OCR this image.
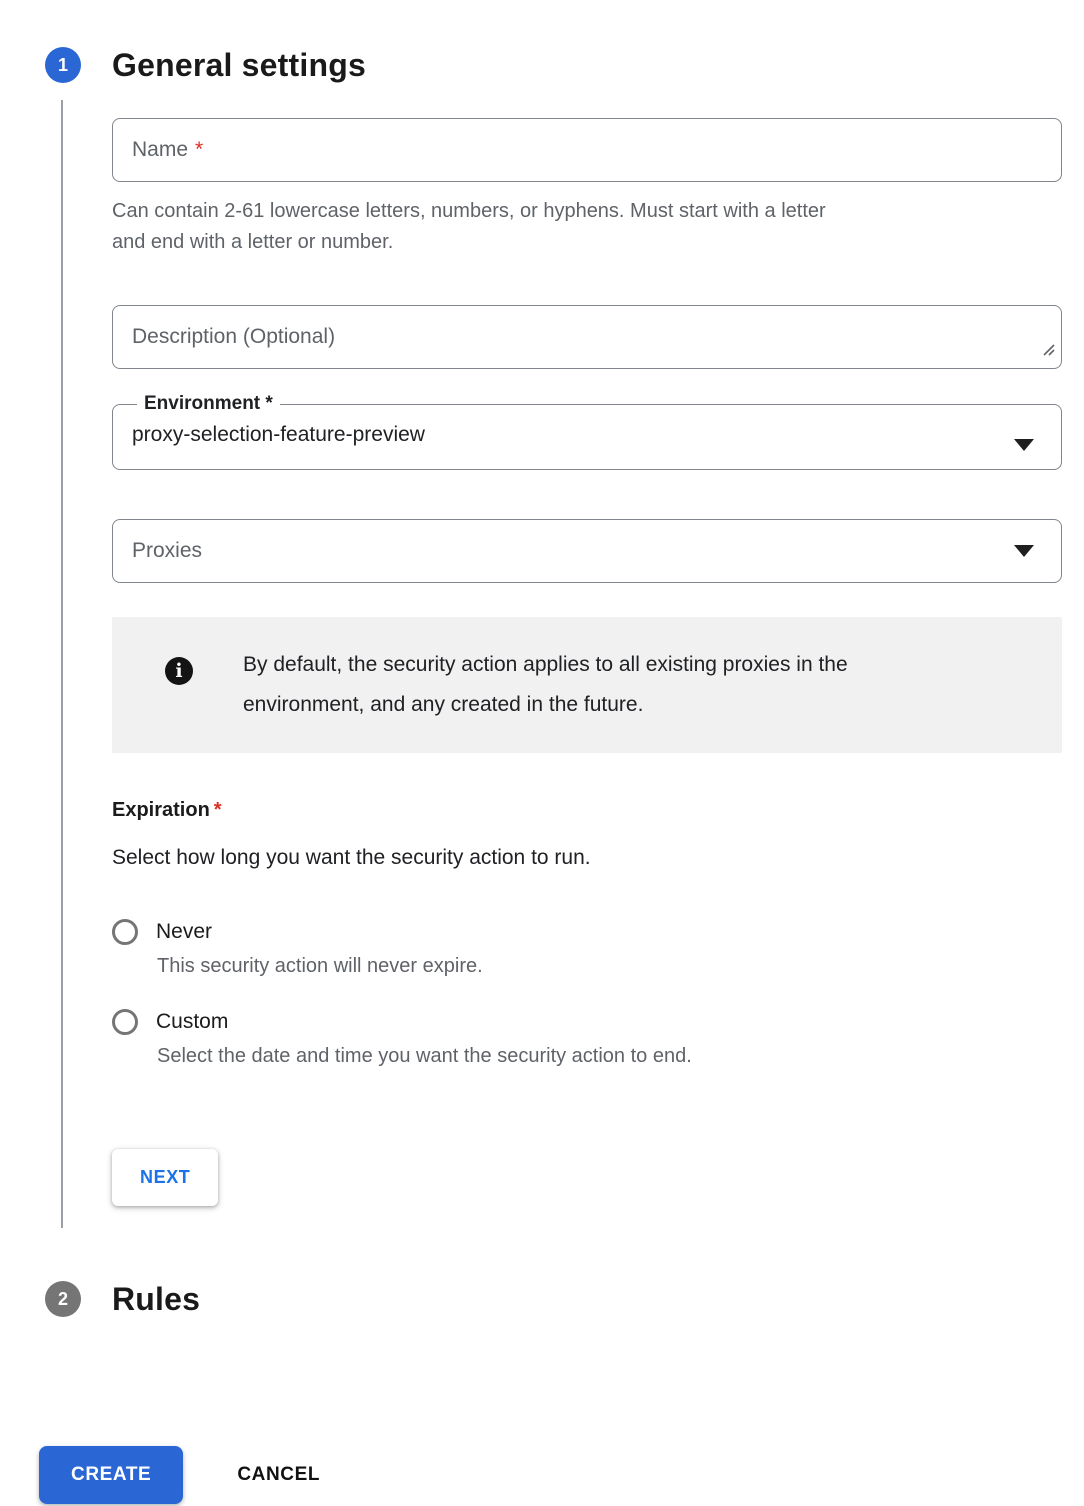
1 General settings
Name *
Can contain 2-61 lowercase letters, numbers, or hyphens. Must start with a letter and end with a letter or number.
Description (Optional)
Environment *
proxy-selection-feature-preview
Proxies
i	By default, the security action applies to all existing proxies in the environment, and any created in the future.
Expiration *
Select how long you want the security action to run.
Never
This security action will never expire.
Custom
Select the date and time you want the security action to end.
NEXT
2 Rules
CREATE	CANCEL
